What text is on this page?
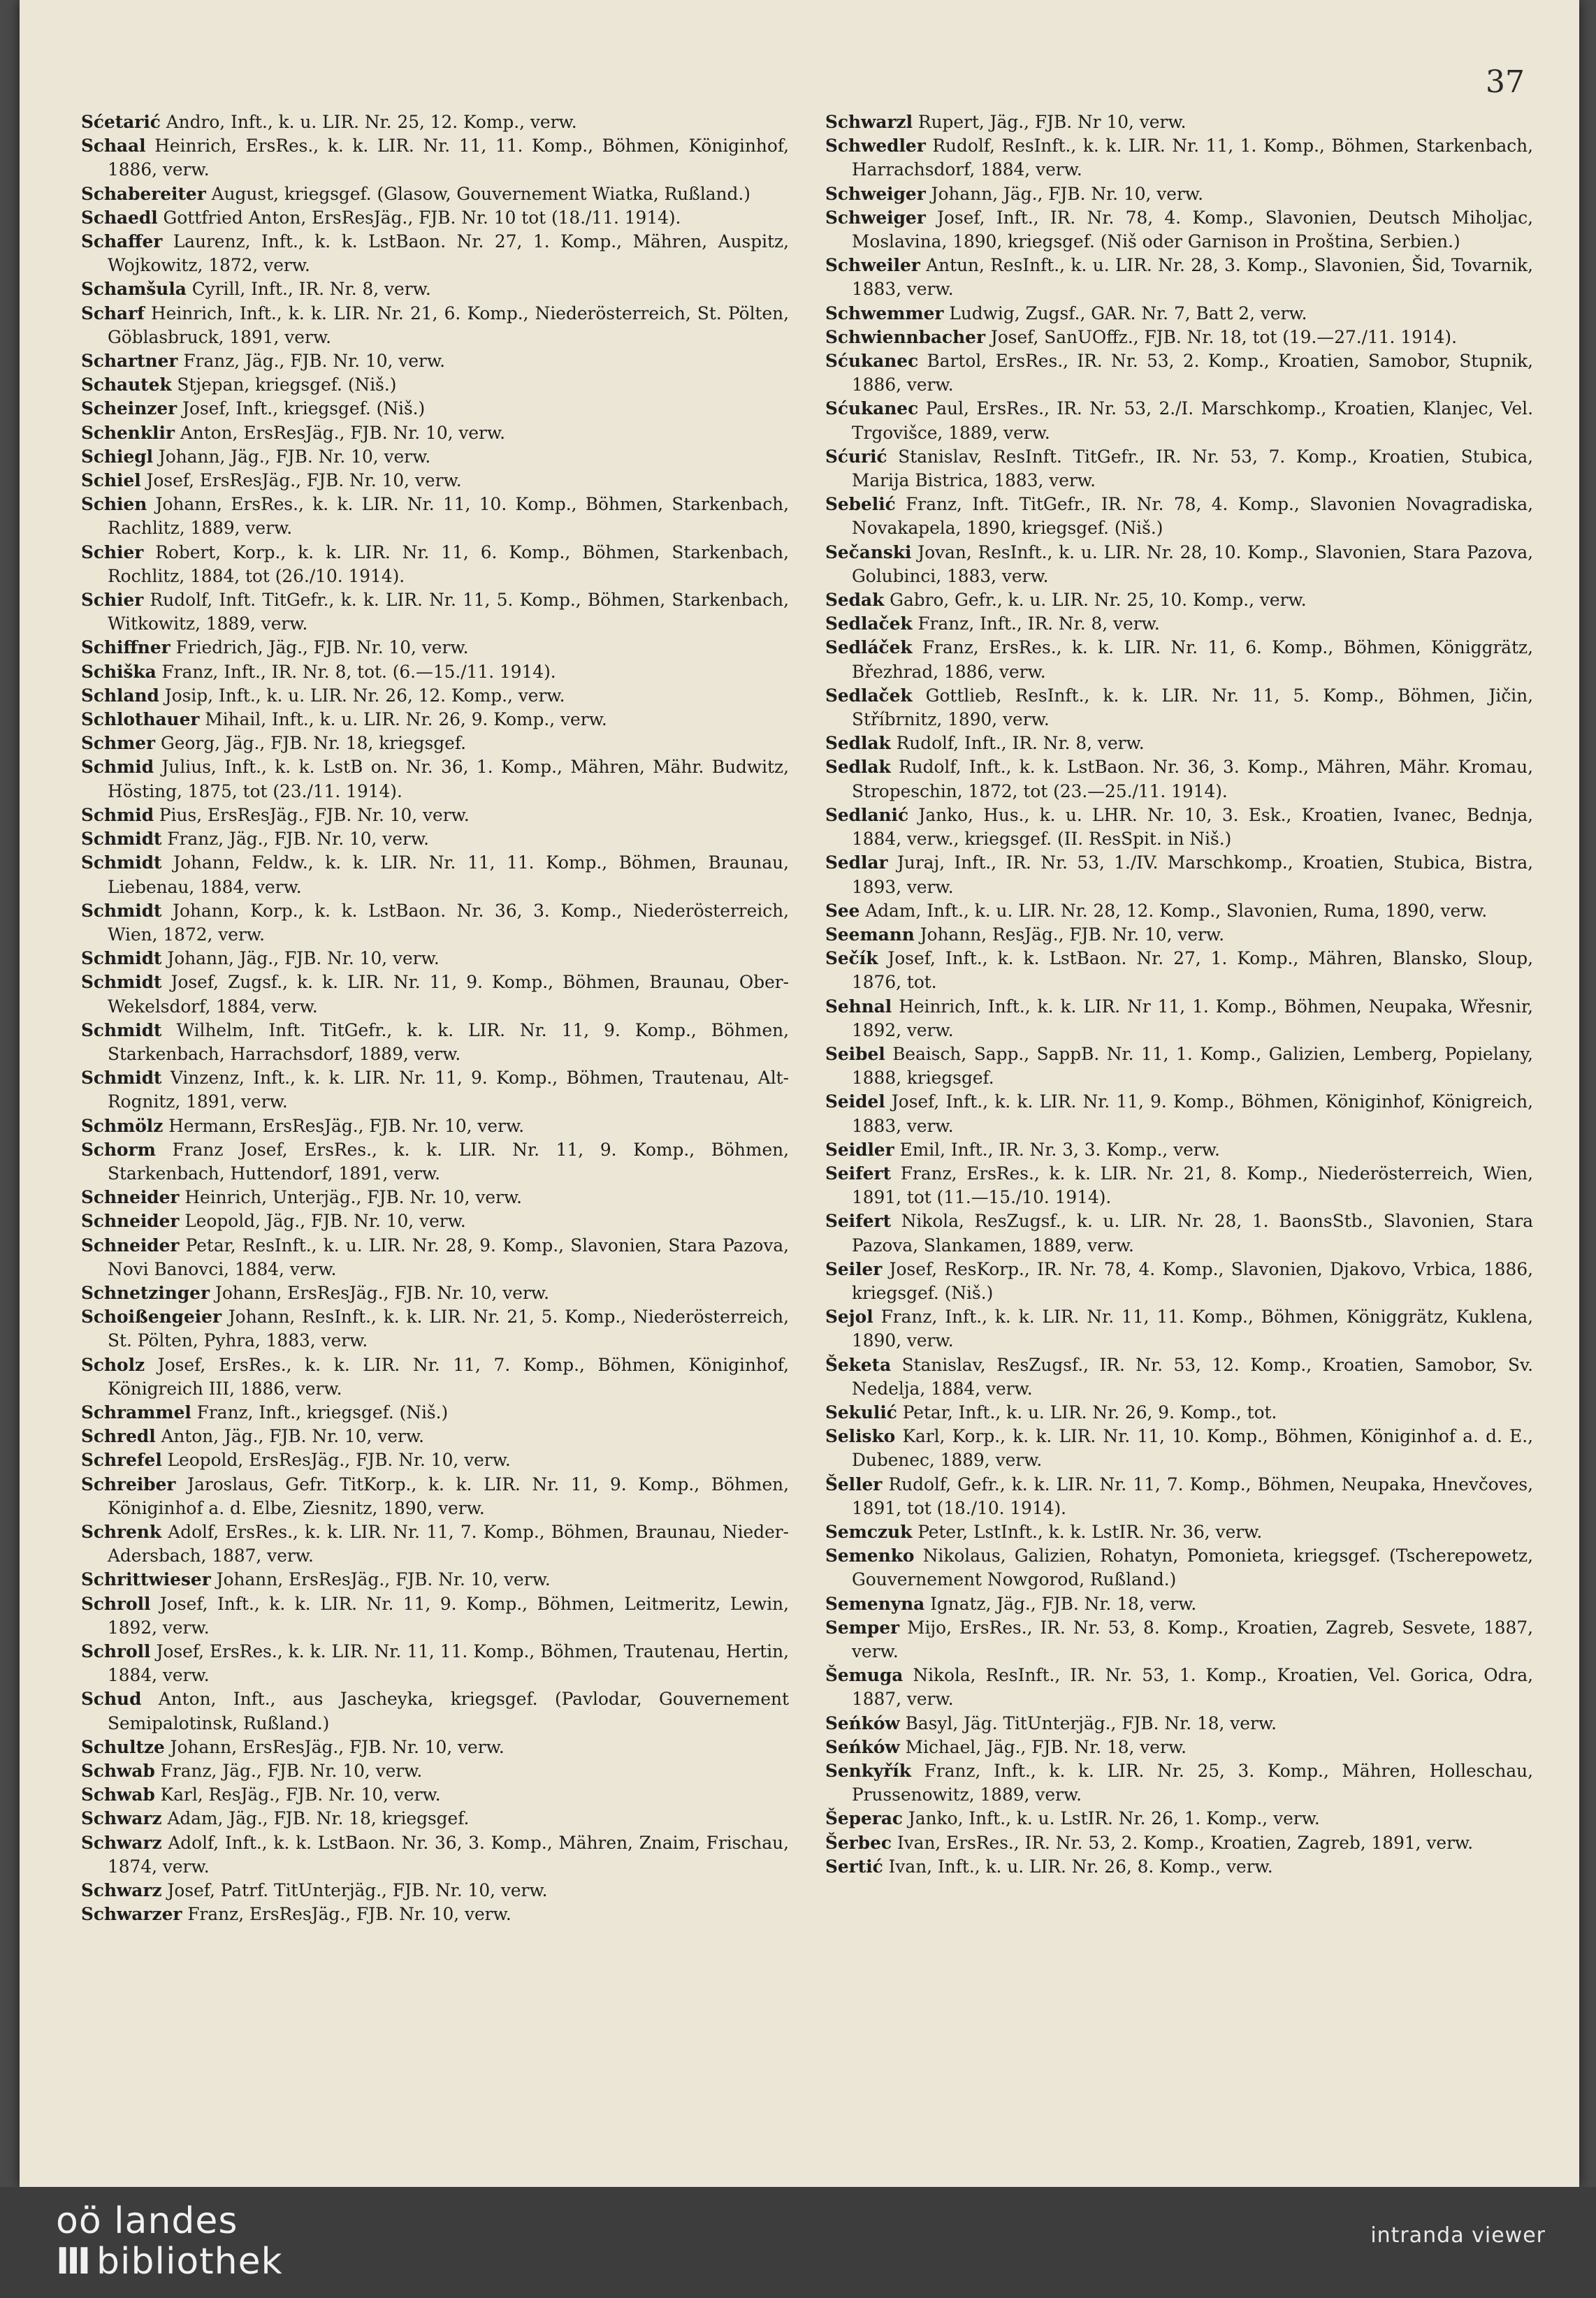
37
Sćetarić Andro, Inft., k. u. LIR. Nr. 25, 12. Komp., verw.
Schaal Heinrich, ErsRes., k. k. LIR. Nr. 11, 11. Komp., Böhmen, Königinhof, 1886, verw.
Schabereiter August, kriegsgef. (Glasow, Gouvernement Wiatka, Rußland.)
Schaedl Gottfried Anton, ErsResJäg., FJB. Nr. 10 tot (18./11. 1914).
Schaffer Laurenz, Inft., k. k. LstBaon. Nr. 27, 1. Komp., Mähren, Auspitz, Wojkowitz, 1872, verw.
Schamšula Cyrill, Inft., IR. Nr. 8, verw.
Scharf Heinrich, Inft., k. k. LIR. Nr. 21, 6. Komp., Niederösterreich, St. Pölten, Göblasbruck, 1891, verw.
Schartner Franz, Jäg., FJB. Nr. 10, verw.
Schautek Stjepan, kriegsgef. (Niš.)
Scheinzer Josef, Inft., kriegsgef. (Niš.)
Schenklir Anton, ErsResJäg., FJB. Nr. 10, verw.
Schiegl Johann, Jäg., FJB. Nr. 10, verw.
Schiel Josef, ErsResJäg., FJB. Nr. 10, verw.
Schien Johann, ErsRes., k. k. LIR. Nr. 11, 10. Komp., Böhmen, Starkenbach, Rachlitz, 1889, verw.
Schier Robert, Korp., k. k. LIR. Nr. 11, 6. Komp., Böhmen, Starkenbach, Rochlitz, 1884, tot (26./10. 1914).
Schier Rudolf, Inft. TitGefr., k. k. LIR. Nr. 11, 5. Komp., Böhmen, Starkenbach, Witkowitz, 1889, verw.
Schiffner Friedrich, Jäg., FJB. Nr. 10, verw.
Schiška Franz, Inft., IR. Nr. 8, tot. (6.—15./11. 1914).
Schland Josip, Inft., k. u. LIR. Nr. 26, 12. Komp., verw.
Schlothauer Mihail, Inft., k. u. LIR. Nr. 26, 9. Komp., verw.
Schmer Georg, Jäg., FJB. Nr. 18, kriegsgef.
Schmid Julius, Inft., k. k. LstB on. Nr. 36, 1. Komp., Mähren, Mähr. Budwitz, Hösting, 1875, tot (23./11. 1914).
Schmid Pius, ErsResJäg., FJB. Nr. 10, verw.
Schmidt Franz, Jäg., FJB. Nr. 10, verw.
Schmidt Johann, Feldw., k. k. LIR. Nr. 11, 11. Komp., Böhmen, Braunau, Liebenau, 1884, verw.
Schmidt Johann, Korp., k. k. LstBaon. Nr. 36, 3. Komp., Niederösterreich, Wien, 1872, verw.
Schmidt Johann, Jäg., FJB. Nr. 10, verw.
Schmidt Josef, Zugsf., k. k. LIR. Nr. 11, 9. Komp., Böhmen, Braunau, Ober-Wekelsdorf, 1884, verw.
Schmidt Wilhelm, Inft. TitGefr., k. k. LIR. Nr. 11, 9. Komp., Böhmen, Starkenbach, Harrachsdorf, 1889, verw.
Schmidt Vinzenz, Inft., k. k. LIR. Nr. 11, 9. Komp., Böhmen, Trautenau, Alt-Rognitz, 1891, verw.
Schmölz Hermann, ErsResJäg., FJB. Nr. 10, verw.
Schorm Franz Josef, ErsRes., k. k. LIR. Nr. 11, 9. Komp., Böhmen, Starkenbach, Huttendorf, 1891, verw.
Schneider Heinrich, Unterjäg., FJB. Nr. 10, verw.
Schneider Leopold, Jäg., FJB. Nr. 10, verw.
Schneider Petar, ResInft., k. u. LIR. Nr. 28, 9. Komp., Slavonien, Stara Pazova, Novi Banovci, 1884, verw.
Schnetzinger Johann, ErsResJäg., FJB. Nr. 10, verw.
Schoißengeier Johann, ResInft., k. k. LIR. Nr. 21, 5. Komp., Niederösterreich, St. Pölten, Pyhra, 1883, verw.
Scholz Josef, ErsRes., k. k. LIR. Nr. 11, 7. Komp., Böhmen, Königinhof, Königreich III, 1886, verw.
Schrammel Franz, Inft., kriegsgef. (Niš.)
Schredl Anton, Jäg., FJB. Nr. 10, verw.
Schrefel Leopold, ErsResJäg., FJB. Nr. 10, verw.
Schreiber Jaroslaus, Gefr. TitKorp., k. k. LIR. Nr. 11, 9. Komp., Böhmen, Königinhof a. d. Elbe, Ziesnitz, 1890, verw.
Schrenk Adolf, ErsRes., k. k. LIR. Nr. 11, 7. Komp., Böhmen, Braunau, Nieder-Adersbach, 1887, verw.
Schrittwieser Johann, ErsResJäg., FJB. Nr. 10, verw.
Schroll Josef, Inft., k. k. LIR. Nr. 11, 9. Komp., Böhmen, Leitmeritz, Lewin, 1892, verw.
Schroll Josef, ErsRes., k. k. LIR. Nr. 11, 11. Komp., Böhmen, Trautenau, Hertin, 1884, verw.
Schud Anton, Inft., aus Jascheyka, kriegsgef. (Pavlodar, Gouvernement Semipalotinsk, Rußland.)
Schultze Johann, ErsResJäg., FJB. Nr. 10, verw.
Schwab Franz, Jäg., FJB. Nr. 10, verw.
Schwab Karl, ResJäg., FJB. Nr. 10, verw.
Schwarz Adam, Jäg., FJB. Nr. 18, kriegsgef.
Schwarz Adolf, Inft., k. k. LstBaon. Nr. 36, 3. Komp., Mähren, Znaim, Frischau, 1874, verw.
Schwarz Josef, Patrf. TitUnterjäg., FJB. Nr. 10, verw.
Schwarzer Franz, ErsResJäg., FJB. Nr. 10, verw.
Schwarzl Rupert, Jäg., FJB. Nr 10, verw.
Schwedler Rudolf, ResInft., k. k. LIR. Nr. 11, 1. Komp., Böhmen, Starkenbach, Harrachsdorf, 1884, verw.
Schweiger Johann, Jäg., FJB. Nr. 10, verw.
Schweiger Josef, Inft., IR. Nr. 78, 4. Komp., Slavonien, Deutsch Miholjac, Moslavina, 1890, kriegsgef. (Niš oder Garnison in Proština, Serbien.)
Schweiler Antun, ResInft., k. u. LIR. Nr. 28, 3. Komp., Slavonien, Šid, Tovarnik, 1883, verw.
Schwemmer Ludwig, Zugsf., GAR. Nr. 7, Batt 2, verw.
Schwiennbacher Josef, SanUOffz., FJB. Nr. 18, tot (19.—27./11. 1914).
Sćukanec Bartol, ErsRes., IR. Nr. 53, 2. Komp., Kroatien, Samobor, Stupnik, 1886, verw.
Sćukanec Paul, ErsRes., IR. Nr. 53, 2./I. Marschkomp., Kroatien, Klanjec, Vel. Trgovišce, 1889, verw.
Sćurić Stanislav, ResInft. TitGefr., IR. Nr. 53, 7. Komp., Kroatien, Stubica, Marija Bistrica, 1883, verw.
Sebelić Franz, Inft. TitGefr., IR. Nr. 78, 4. Komp., Slavonien Novagradiska, Novakapela, 1890, kriegsgef. (Niš.)
Sečanski Jovan, ResInft., k. u. LIR. Nr. 28, 10. Komp., Slavonien, Stara Pazova, Golubinci, 1883, verw.
Sedak Gabro, Gefr., k. u. LIR. Nr. 25, 10. Komp., verw.
Sedlaček Franz, Inft., IR. Nr. 8, verw.
Sedláček Franz, ErsRes., k. k. LIR. Nr. 11, 6. Komp., Böhmen, Königgrätz, Březhrad, 1886, verw.
Sedlaček Gottlieb, ResInft., k. k. LIR. Nr. 11, 5. Komp., Böhmen, Jičin, Stříbrnitz, 1890, verw.
Sedlak Rudolf, Inft., IR. Nr. 8, verw.
Sedlak Rudolf, Inft., k. k. LstBaon. Nr. 36, 3. Komp., Mähren, Mähr. Kromau, Stropeschin, 1872, tot (23.—25./11. 1914).
Sedlanić Janko, Hus., k. u. LHR. Nr. 10, 3. Esk., Kroatien, Ivanec, Bednja, 1884, verw., kriegsgef. (II. ResSpit. in Niš.)
Sedlar Juraj, Inft., IR. Nr. 53, 1./IV. Marschkomp., Kroatien, Stubica, Bistra, 1893, verw.
See Adam, Inft., k. u. LIR. Nr. 28, 12. Komp., Slavonien, Ruma, 1890, verw.
Seemann Johann, ResJäg., FJB. Nr. 10, verw.
Sečík Josef, Inft., k. k. LstBaon. Nr. 27, 1. Komp., Mähren, Blansko, Sloup, 1876, tot.
Sehnal Heinrich, Inft., k. k. LIR. Nr 11, 1. Komp., Böhmen, Neupaka, Wřesnir, 1892, verw.
Seibel Beaisch, Sapp., SappB. Nr. 11, 1. Komp., Galizien, Lemberg, Popielany, 1888, kriegsgef.
Seidel Josef, Inft., k. k. LIR. Nr. 11, 9. Komp., Böhmen, Königinhof, Königreich, 1883, verw.
Seidler Emil, Inft., IR. Nr. 3, 3. Komp., verw.
Seifert Franz, ErsRes., k. k. LIR. Nr. 21, 8. Komp., Niederösterreich, Wien, 1891, tot (11.—15./10. 1914).
Seifert Nikola, ResZugsf., k. u. LIR. Nr. 28, 1. BaonsStb., Slavonien, Stara Pazova, Slankamen, 1889, verw.
Seiler Josef, ResKorp., IR. Nr. 78, 4. Komp., Slavonien, Djakovo, Vrbica, 1886, kriegsgef. (Niš.)
Sejol Franz, Inft., k. k. LIR. Nr. 11, 11. Komp., Böhmen, Königgrätz, Kuklena, 1890, verw.
Šeketa Stanislav, ResZugsf., IR. Nr. 53, 12. Komp., Kroatien, Samobor, Sv. Nedelja, 1884, verw.
Sekulić Petar, Inft., k. u. LIR. Nr. 26, 9. Komp., tot.
Selisko Karl, Korp., k. k. LIR. Nr. 11, 10. Komp., Böhmen, Königinhof a. d. E., Dubenec, 1889, verw.
Šeller Rudolf, Gefr., k. k. LIR. Nr. 11, 7. Komp., Böhmen, Neupaka, Hnevčoves, 1891, tot (18./10. 1914).
Semczuk Peter, LstInft., k. k. LstIR. Nr. 36, verw.
Semenko Nikolaus, Galizien, Rohatyn, Pomonieta, kriegsgef. (Tscherepowetz, Gouvernement Nowgorod, Rußland.)
Semenyna Ignatz, Jäg., FJB. Nr. 18, verw.
Semper Mijo, ErsRes., IR. Nr. 53, 8. Komp., Kroatien, Zagreb, Sesvete, 1887, verw.
Šemuga Nikola, ResInft., IR. Nr. 53, 1. Komp., Kroatien, Vel. Gorica, Odra, 1887, verw.
Seńków Basyl, Jäg. TitUnterjäg., FJB. Nr. 18, verw.
Seńków Michael, Jäg., FJB. Nr. 18, verw.
Senkyřík Franz, Inft., k. k. LIR. Nr. 25, 3. Komp., Mähren, Holleschau, Prussenowitz, 1889, verw.
Šeperac Janko, Inft., k. u. LstIR. Nr. 26, 1. Komp., verw.
Šerbec Ivan, ErsRes., IR. Nr. 53, 2. Komp., Kroatien, Zagreb, 1891, verw.
Sertić Ivan, Inft., k. u. LIR. Nr. 26, 8. Komp., verw.
oö landes
III bibliothek
intranda viewer
